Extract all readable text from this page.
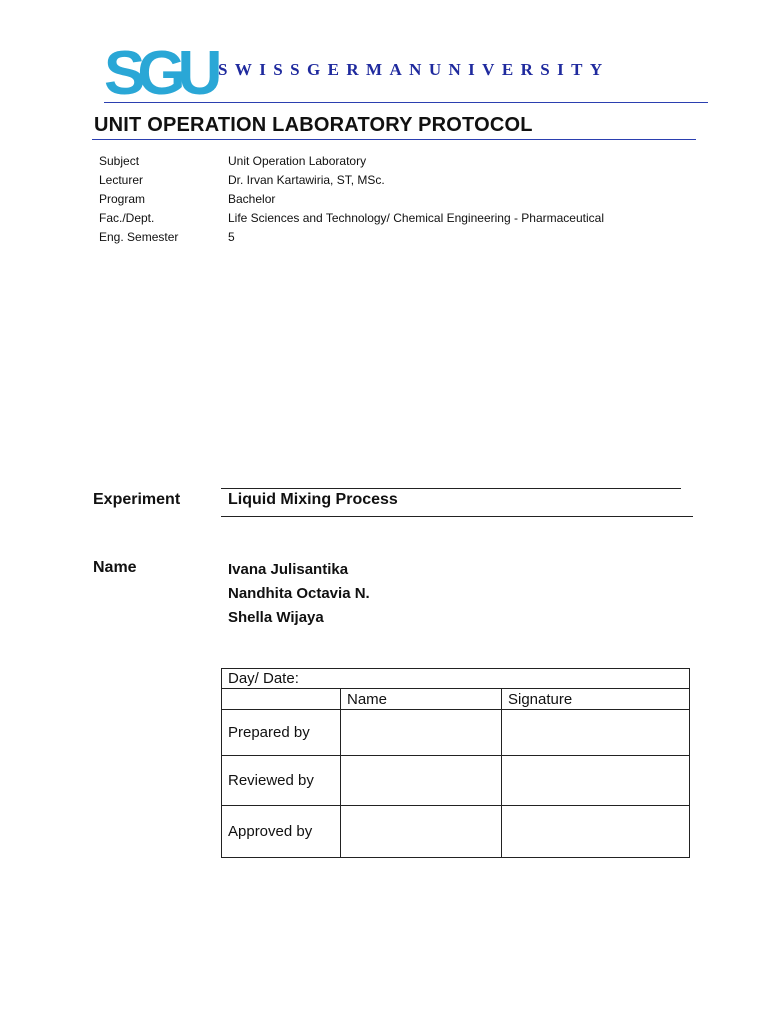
SGU SWISSGERMANUNIVERSITY
UNIT OPERATION LABORATORY PROTOCOL
Subject	Unit Operation Laboratory
Lecturer	Dr. Irvan Kartawiria, ST, MSc.
Program	Bachelor
Fac./Dept.	Life Sciences and Technology/ Chemical Engineering - Pharmaceutical
Eng. Semester	5
Experiment	Liquid Mixing Process
Name	Ivana Julisantika
Nandhita Octavia N.
Shella Wijaya
Day/ Date:		
	Name	Signature
Prepared by		
Reviewed by		
Approved by		
